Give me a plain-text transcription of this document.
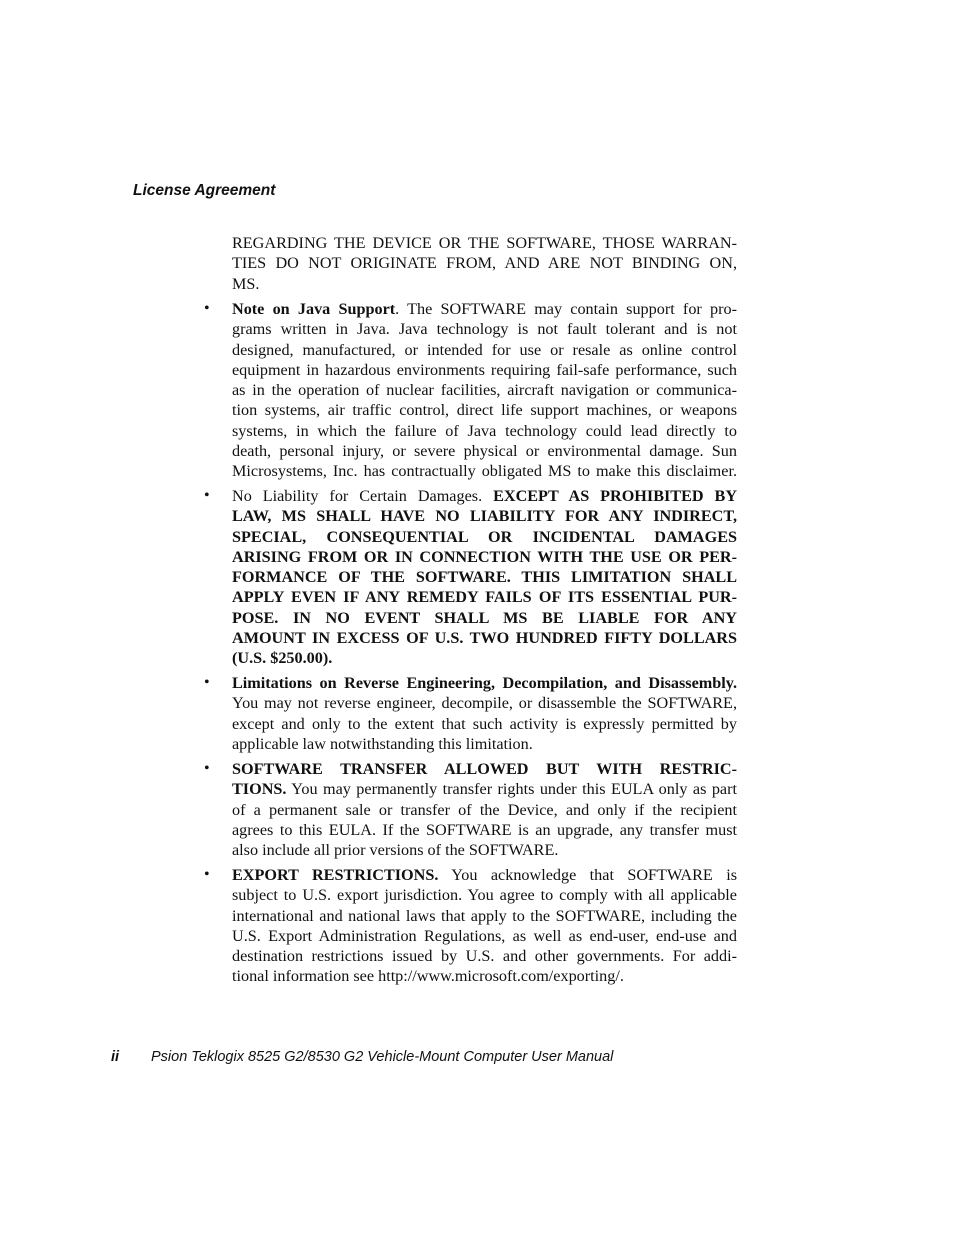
License Agreement
REGARDING THE DEVICE OR THE SOFTWARE, THOSE WARRAN-
TIES DO NOT ORIGINATE FROM, AND ARE NOT BINDING ON,
MS.
• Note on Java Support. The SOFTWARE may contain support for pro-
grams written in Java. Java technology is not fault tolerant and is not
designed, manufactured, or intended for use or resale as online control
equipment in hazardous environments requiring fail-safe performance, such
as in the operation of nuclear facilities, aircraft navigation or communica-
tion systems, air traffic control, direct life support machines, or weapons
systems, in which the failure of Java technology could lead directly to
death, personal injury, or severe physical or environmental damage. Sun
Microsystems, Inc. has contractually obligated MS to make this disclaimer.
• No Liability for Certain Damages. EXCEPT AS PROHIBITED BY
LAW, MS SHALL HAVE NO LIABILITY FOR ANY INDIRECT,
SPECIAL, CONSEQUENTIAL OR INCIDENTAL DAMAGES
ARISING FROM OR IN CONNECTION WITH THE USE OR PER-
FORMANCE OF THE SOFTWARE. THIS LIMITATION SHALL
APPLY EVEN IF ANY REMEDY FAILS OF ITS ESSENTIAL PUR-
POSE. IN NO EVENT SHALL MS BE LIABLE FOR ANY
AMOUNT IN EXCESS OF U.S. TWO HUNDRED FIFTY DOLLARS
(U.S. $250.00).
• Limitations on Reverse Engineering, Decompilation, and Disassembly.
You may not reverse engineer, decompile, or disassemble the SOFTWARE,
except and only to the extent that such activity is expressly permitted by
applicable law notwithstanding this limitation.
• SOFTWARE TRANSFER ALLOWED BUT WITH RESTRIC-
TIONS. You may permanently transfer rights under this EULA only as part
of a permanent sale or transfer of the Device, and only if the recipient
agrees to this EULA. If the SOFTWARE is an upgrade, any transfer must
also include all prior versions of the SOFTWARE.
• EXPORT RESTRICTIONS. You acknowledge that SOFTWARE is
subject to U.S. export jurisdiction. You agree to comply with all applicable
international and national laws that apply to the SOFTWARE, including the
U.S. Export Administration Regulations, as well as end-user, end-use and
destination restrictions issued by U.S. and other governments. For addi-
tional information see http://www.microsoft.com/exporting/.
ii Psion Teklogix 8525 G2/8530 G2 Vehicle-Mount Computer User Manual
